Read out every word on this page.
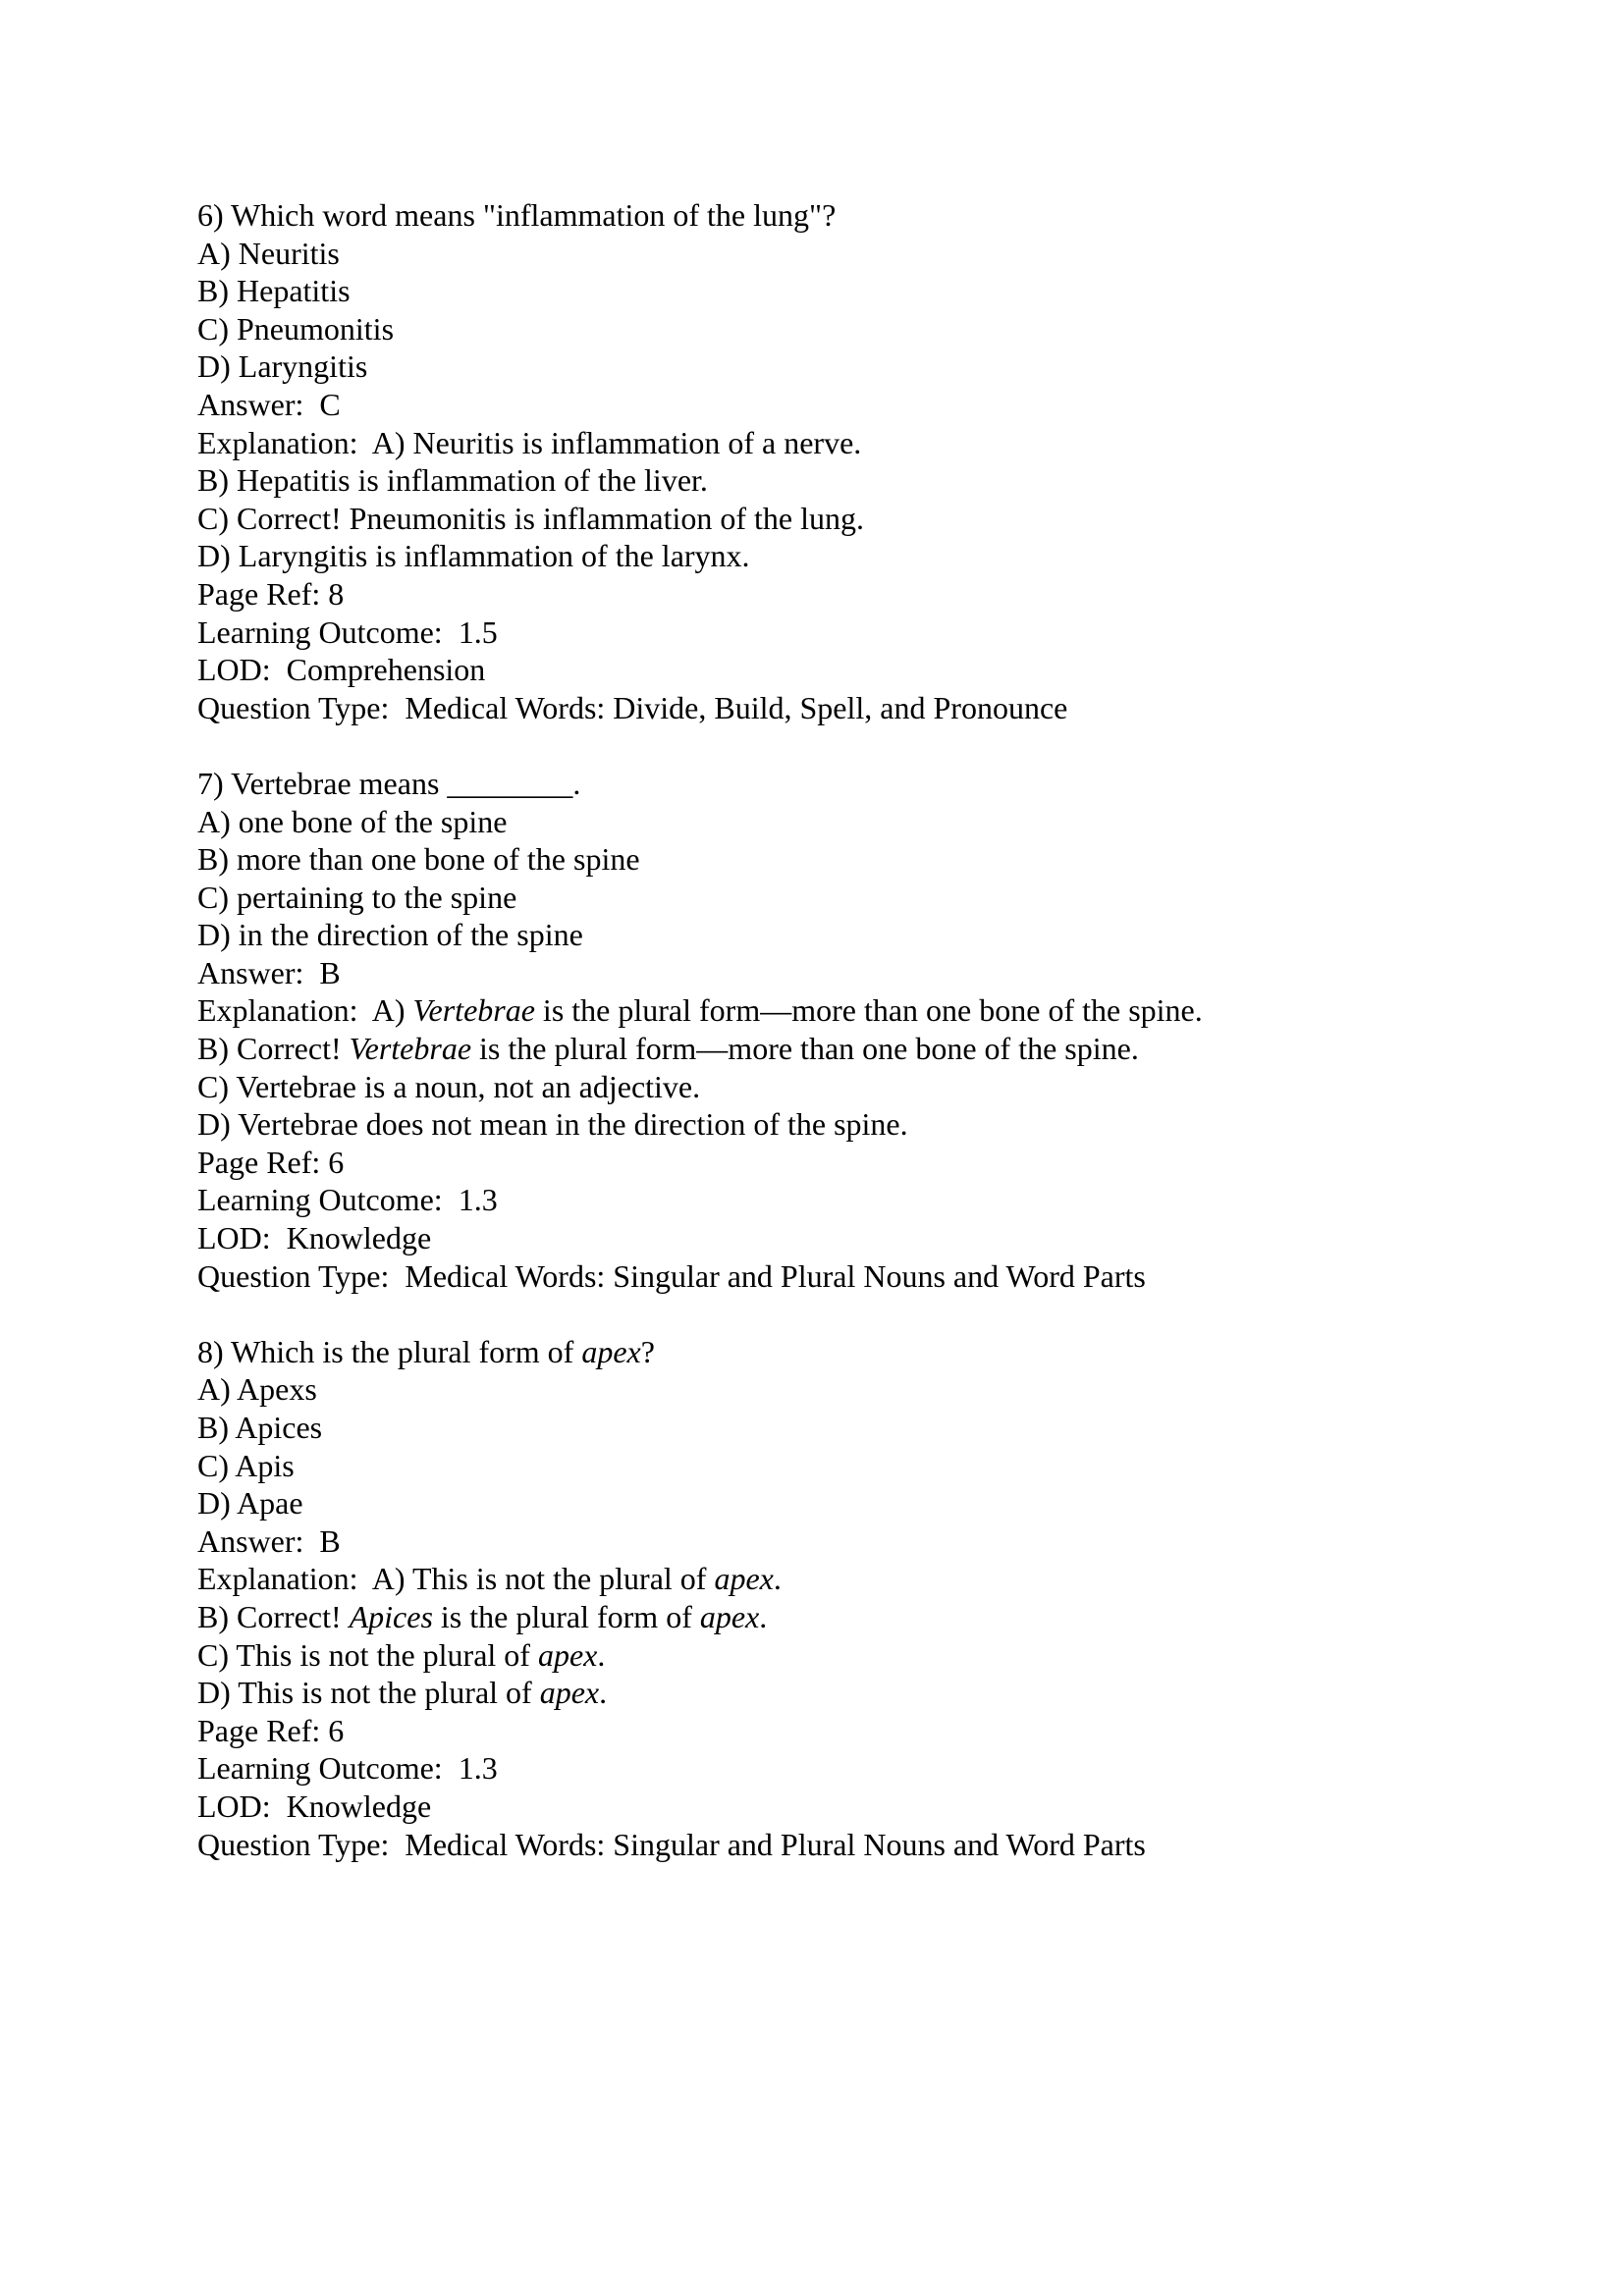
6) Which word means "inflammation of the lung"?
A) Neuritis
B) Hepatitis
C) Pneumonitis
D) Laryngitis
Answer:  C
Explanation:  A) Neuritis is inflammation of a nerve.
B) Hepatitis is inflammation of the liver.
C) Correct! Pneumonitis is inflammation of the lung.
D) Laryngitis is inflammation of the larynx.
Page Ref: 8
Learning Outcome:  1.5
LOD:  Comprehension
Question Type:  Medical Words: Divide, Build, Spell, and Pronounce
7) Vertebrae means ________.
A) one bone of the spine
B) more than one bone of the spine
C) pertaining to the spine
D) in the direction of the spine
Answer:  B
Explanation:  A) Vertebrae is the plural form—more than one bone of the spine.
B) Correct! Vertebrae is the plural form—more than one bone of the spine.
C) Vertebrae is a noun, not an adjective.
D) Vertebrae does not mean in the direction of the spine.
Page Ref: 6
Learning Outcome:  1.3
LOD:  Knowledge
Question Type:  Medical Words: Singular and Plural Nouns and Word Parts
8) Which is the plural form of apex?
A) Apexs
B) Apices
C) Apis
D) Apae
Answer:  B
Explanation:  A) This is not the plural of apex.
B) Correct! Apices is the plural form of apex.
C) This is not the plural of apex.
D) This is not the plural of apex.
Page Ref: 6
Learning Outcome:  1.3
LOD:  Knowledge
Question Type:  Medical Words: Singular and Plural Nouns and Word Parts
